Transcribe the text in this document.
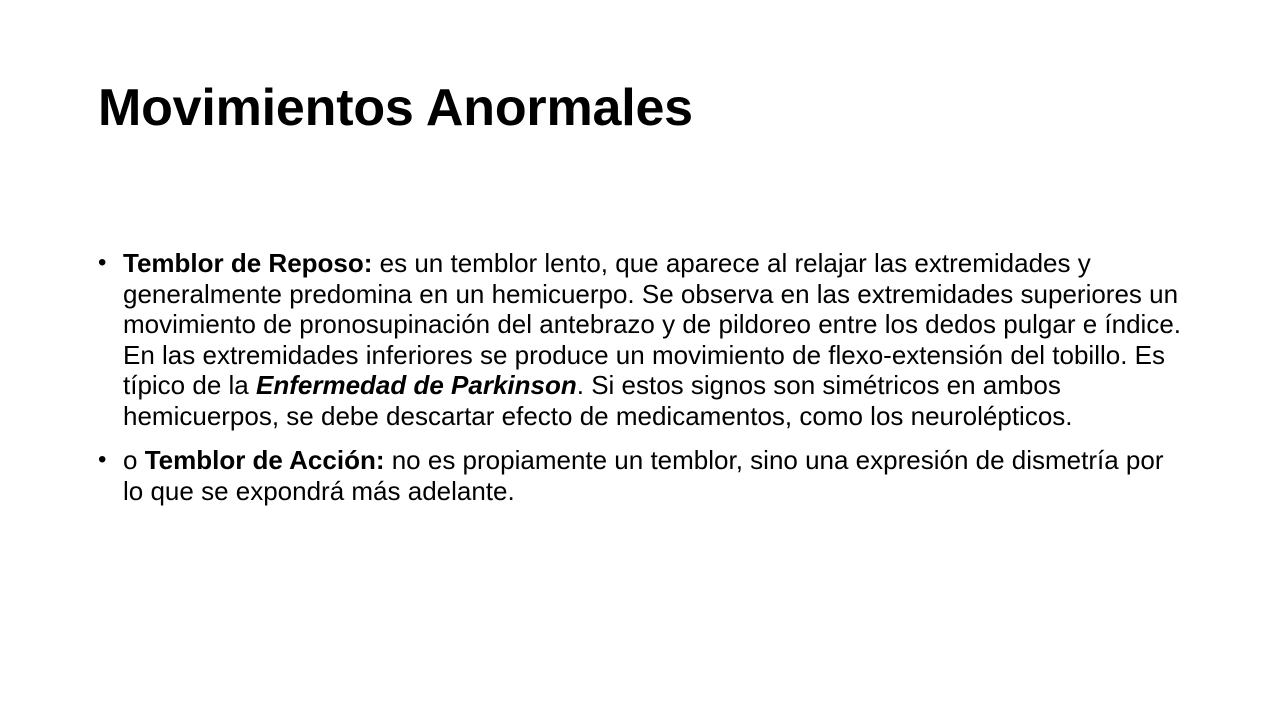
Movimientos Anormales
• Temblor de Reposo: es un temblor lento, que aparece al relajar las extremidades y generalmente predomina en un hemicuerpo. Se observa en las extremidades superiores un movimiento de pronosupinación del antebrazo y de pildoreo entre los dedos pulgar e índice. En las extremidades inferiores se produce un movimiento de flexo-extensión del tobillo. Es típico de la Enfermedad de Parkinson. Si estos signos son simétricos en ambos hemicuerpos, se debe descartar efecto de medicamentos, como los neurolépticos.
• o Temblor de Acción: no es propiamente un temblor, sino una expresión de dismetría por lo que se expondrá más adelante.
